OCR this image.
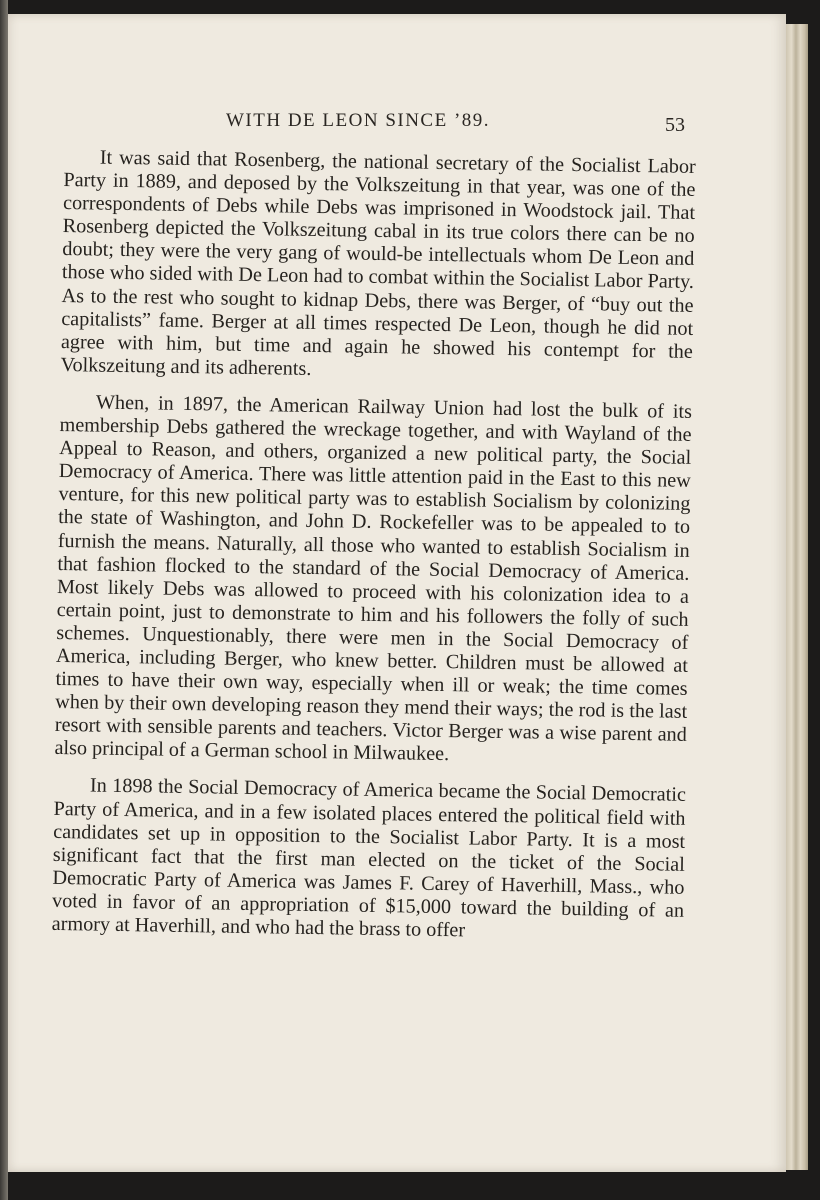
WITH DE LEON SINCE ’89.	53

It was said that Rosenberg, the national secretary of the Socialist Labor Party in 1889, and deposed by the Volkszeitung in that year, was one of the correspondents of Debs while Debs was imprisoned in Woodstock jail. That Rosenberg depicted the Volkszeitung cabal in its true colors there can be no doubt; they were the very gang of would-be intellectuals whom De Leon and those who sided with De Leon had to combat within the Socialist Labor Party. As to the rest who sought to kidnap Debs, there was Berger, of “buy out the capitalists” fame. Berger at all times respected De Leon, though he did not agree with him, but time and again he showed his contempt for the Volkszeitung and its adherents.

When, in 1897, the American Railway Union had lost the bulk of its membership Debs gathered the wreckage together, and with Wayland of the Appeal to Reason, and others, organized a new political party, the Social Democracy of America. There was little attention paid in the East to this new venture, for this new political party was to establish Socialism by colonizing the state of Washington, and John D. Rockefeller was to be appealed to to furnish the means. Naturally, all those who wanted to establish Socialism in that fashion flocked to the standard of the Social Democracy of America. Most likely Debs was allowed to proceed with his colonization idea to a certain point, just to demonstrate to him and his followers the folly of such schemes. Unquestionably, there were men in the Social Democracy of America, including Berger, who knew better. Children must be allowed at times to have their own way, especially when ill or weak; the time comes when by their own developing reason they mend their ways; the rod is the last resort with sensible parents and teachers. Victor Berger was a wise parent and also principal of a German school in Milwaukee.

In 1898 the Social Democracy of America became the Social Democratic Party of America, and in a few isolated places entered the political field with candidates set up in opposition to the Socialist Labor Party. It is a most significant fact that the first man elected on the ticket of the Social Democratic Party of America was James F. Carey of Haverhill, Mass., who voted in favor of an appropriation of $15,000 toward the building of an armory at Haverhill, and who had the brass to offer
